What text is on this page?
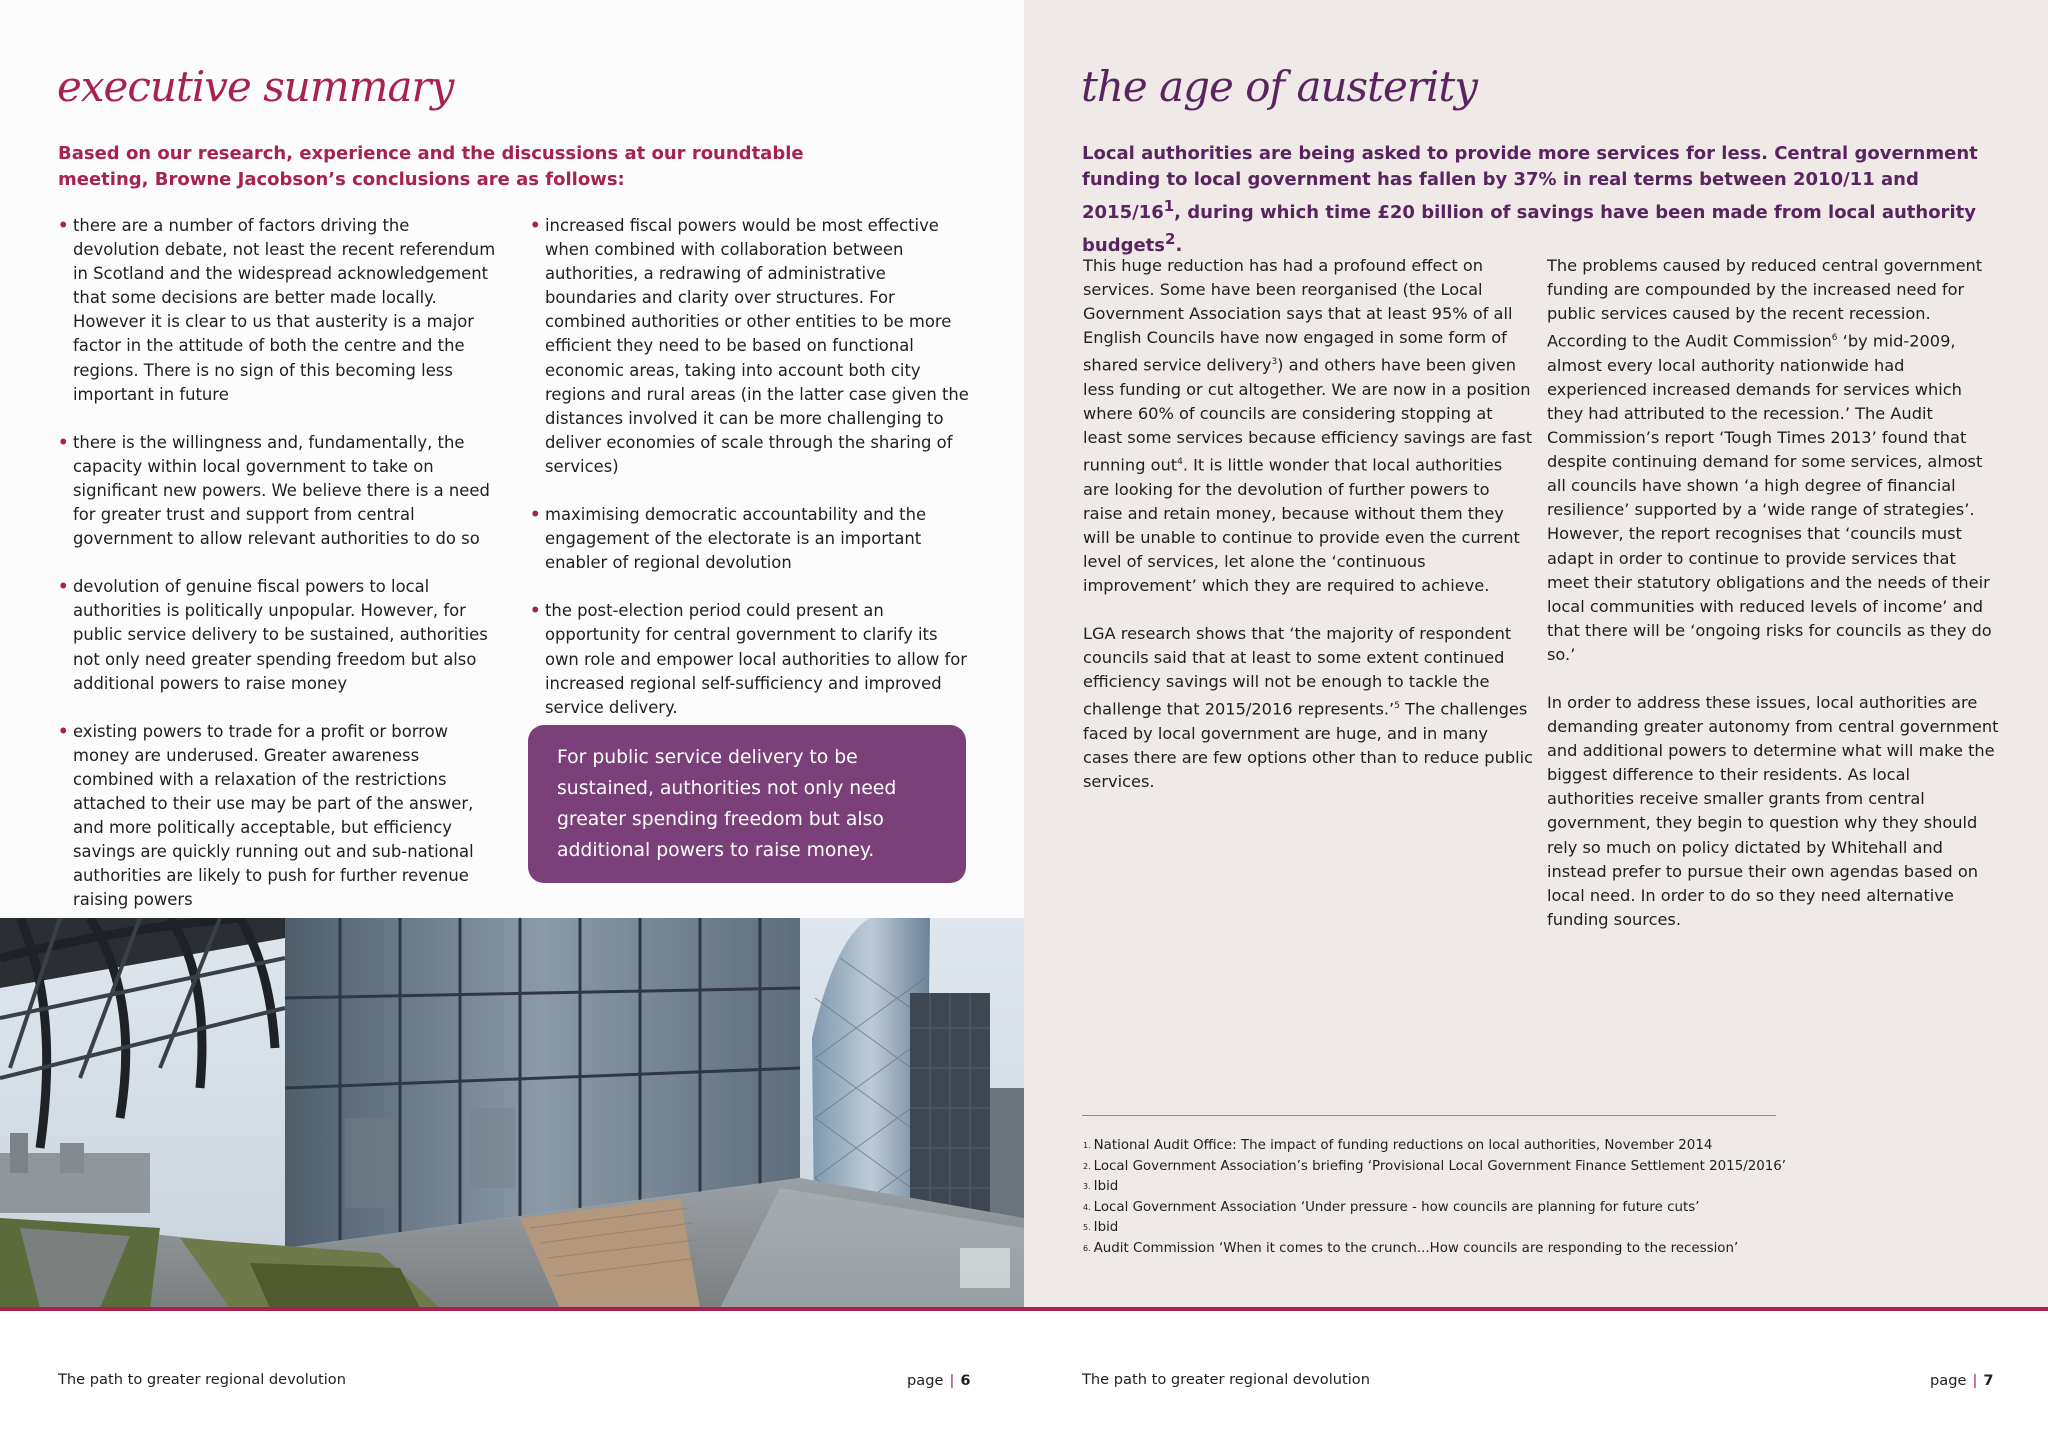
executive summary

Based on our research, experience and the discussions at our roundtable meeting, Browne Jacobson’s conclusions are as follows:

• there are a number of factors driving the devolution debate, not least the recent referendum in Scotland and the widespread acknowledgement that some decisions are better made locally. However it is clear to us that austerity is a major factor in the attitude of both the centre and the regions. There is no sign of this becoming less important in future
• there is the willingness and, fundamentally, the capacity within local government to take on significant new powers. We believe there is a need for greater trust and support from central government to allow relevant authorities to do so
• devolution of genuine fiscal powers to local authorities is politically unpopular. However, for public service delivery to be sustained, authorities not only need greater spending freedom but also additional powers to raise money
• existing powers to trade for a profit or borrow money are underused. Greater awareness combined with a relaxation of the restrictions attached to their use may be part of the answer, and more politically acceptable, but efficiency savings are quickly running out and sub-national authorities are likely to push for further revenue raising powers
• increased fiscal powers would be most effective when combined with collaboration between authorities, a redrawing of administrative boundaries and clarity over structures. For combined authorities or other entities to be more efficient they need to be based on functional economic areas, taking into account both city regions and rural areas (in the latter case given the distances involved it can be more challenging to deliver economies of scale through the sharing of services)
• maximising democratic accountability and the engagement of the electorate is an important enabler of regional devolution
• the post-election period could present an opportunity for central government to clarify its own role and empower local authorities to allow for increased regional self-sufficiency and improved service delivery.

For public service delivery to be sustained, authorities not only need greater spending freedom but also additional powers to raise money.

the age of austerity

Local authorities are being asked to provide more services for less. Central government funding to local government has fallen by 37% in real terms between 2010/11 and $2015/16^1$, during which time £20 billion of savings have been made from local authority budgets$^2$.

This huge reduction has had a profound effect on services. Some have been reorganised (the Local Government Association says that at least 95% of all English Councils have now engaged in some form of shared service delivery$^3$) and others have been given less funding or cut altogether. We are now in a position where 60% of councils are considering stopping at least some services because efficiency savings are fast running out$^4$. It is little wonder that local authorities are looking for the devolution of further powers to raise and retain money, because without them they will be unable to continue to provide even the current level of services, let alone the ‘continuous improvement’ which they are required to achieve.

LGA research shows that ‘the majority of respondent councils said that at least to some extent continued efficiency savings will not be enough to tackle the challenge that 2015/2016 represents.’$^5$ The challenges faced by local government are huge, and in many cases there are few options other than to reduce public services.

The problems caused by reduced central government funding are compounded by the increased need for public services caused by the recent recession. According to the Audit Commission$^6$ ‘by mid-2009, almost every local authority nationwide had experienced increased demands for services which they had attributed to the recession.’ The Audit Commission’s report ‘Tough Times 2013’ found that despite continuing demand for some services, almost all councils have shown ‘a high degree of financial resilience’ supported by a ‘wide range of strategies’. However, the report recognises that ‘councils must adapt in order to continue to provide services that meet their statutory obligations and the needs of their local communities with reduced levels of income’ and that there will be ‘ongoing risks for councils as they do so.’

In order to address these issues, local authorities are demanding greater autonomy from central government and additional powers to determine what will make the biggest difference to their residents. As local authorities receive smaller grants from central government, they begin to question why they should rely so much on policy dictated by Whitehall and instead prefer to pursue their own agendas based on local need. In order to do so they need alternative funding sources.

$^{1.}$ National Audit Office: The impact of funding reductions on local authorities, November 2014
$^{2.}$ Local Government Association’s briefing ‘Provisional Local Government Finance Settlement 2015/2016’
$^{3.}$ Ibid
$^{4.}$ Local Government Association ‘Under pressure - how councils are planning for future cuts’
$^{5.}$ Ibid
$^{6.}$ Audit Commission ‘When it comes to the crunch...How councils are responding to the recession’

The path to greater regional devolution	page | 6	The path to greater regional devolution	page | 7
